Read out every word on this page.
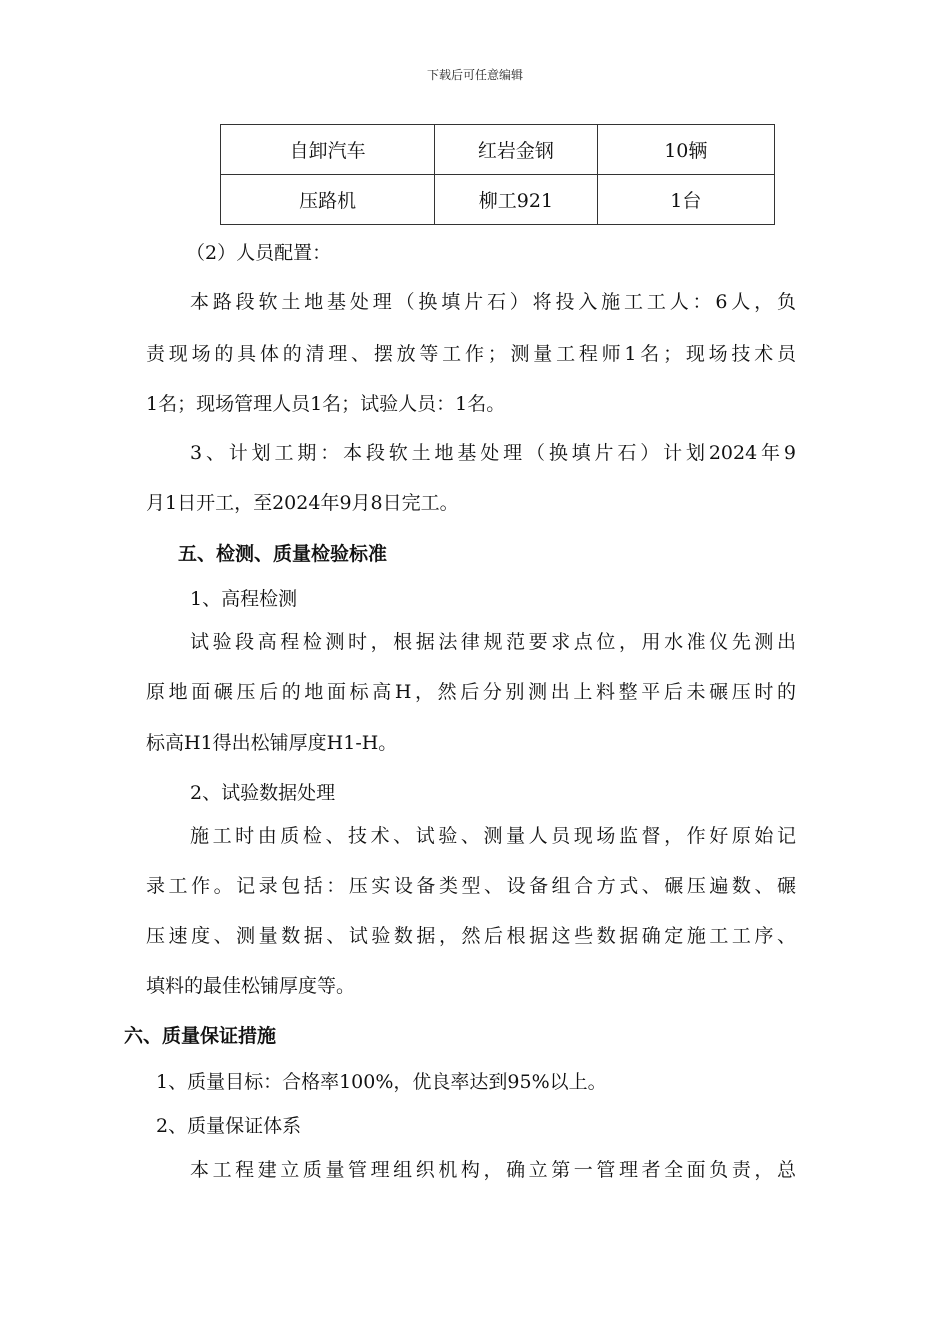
下载后可任意编辑
自卸汽车	红岩金钢	10辆
压路机	柳工921	1台
（2）人员配置：
本路段软土地基处理（换填片石）将投入施工工人：6人，负
责现场的具体的清理、摆放等工作；测量工程师1名；现场技术员
1名；现场管理人员1名；试验人员：1名。
3、计划工期：本段软土地基处理（换填片石）计划2024年9
月1日开工，至2024年9月8日完工。
五、检测、质量检验标准
1、高程检测
试验段高程检测时，根据法律规范要求点位，用水准仪先测出
原地面碾压后的地面标高H，然后分别测出上料整平后未碾压时的
标高H1得出松铺厚度H1-H。
2、试验数据处理
施工时由质检、技术、试验、测量人员现场监督，作好原始记
录工作。记录包括：压实设备类型、设备组合方式、碾压遍数、碾
压速度、测量数据、试验数据，然后根据这些数据确定施工工序、
填料的最佳松铺厚度等。
六、质量保证措施
1、质量目标：合格率100%，优良率达到95%以上。
2、质量保证体系
本工程建立质量管理组织机构，确立第一管理者全面负责，总
